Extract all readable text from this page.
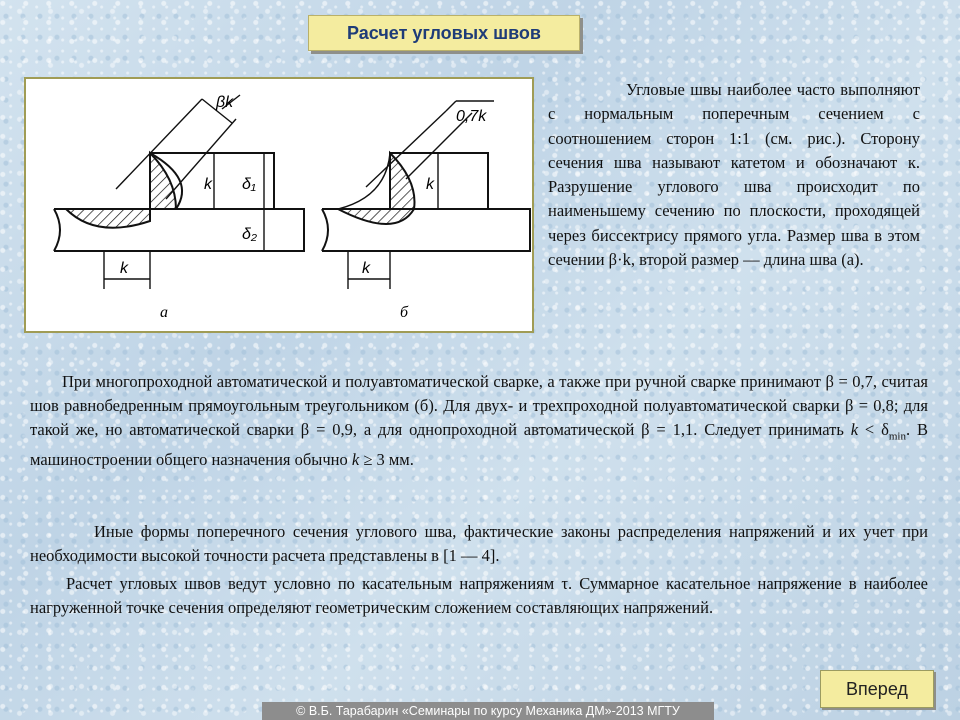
Расчет угловых швов
βk
k δ₁
δ₂
k
а
0,7k
k
k
б
Угловые швы наиболее часто выполняют с нормальным поперечным сечением с соотношением сторон 1:1 (см. рис.). Сторону сечения шва называют катетом и обозначают к. Разрушение углового шва происходит по наименьшему сечению по плоскости, проходящей через биссектрису прямого угла. Размер шва в этом сечении β·k, второй размер — длина шва (а).
При многопроходной автоматической и полуавтоматической сварке, а также при ручной сварке принимают β = 0,7, считая шов равнобедренным прямоугольным треугольником (б). Для двух- и трехпроходной полуавтоматической сварки β = 0,8; для такой же, но автоматической сварки β = 0,9, а для однопроходной автоматической β = 1,1. Следует принимать $k < \delta_{min}$. В машиностроении общего назначения обычно k ≥ 3 мм.
Иные формы поперечного сечения углового шва, фактические законы распределения напряжений и их учет при необходимости высокой точности расчета представлены в [1 — 4].
Расчет угловых швов ведут условно по касательным напряжениям τ. Суммарное касательное напряжение в наиболее нагруженной точке сечения определяют геометрическим сложением составляющих напряжений.
Вперед
© В.Б. Тарабарин «Семинары по курсу Механика ДМ»-2013 МГТУ
